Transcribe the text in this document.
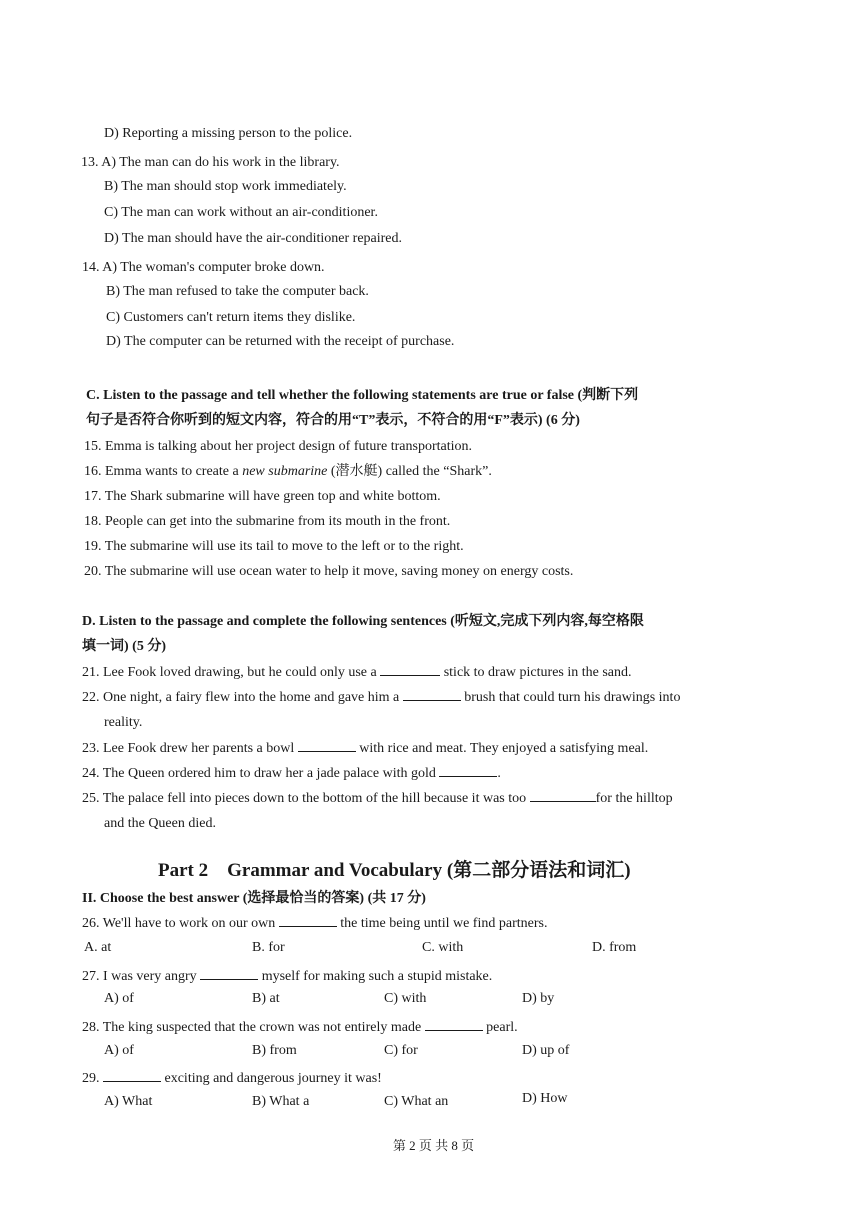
D) Reporting a missing person to the police.
13. A) The man can do his work in the library.
B) The man should stop work immediately.
C) The man can work without an air-conditioner.
D) The man should have the air-conditioner repaired.
14. A) The woman's computer broke down.
B) The man refused to take the computer back.
C) Customers can't return items they dislike.
D) The computer can be returned with the receipt of purchase.
C. Listen to the passage and tell whether the following statements are true or false (判断下列
句子是否符合你听到的短文内容，符合的用“T”表示，不符合的用“F”表示) (6 分)
15. Emma is talking about her project design of future transportation.
16. Emma wants to create a new submarine (潜水艇) called the “Shark”.
17. The Shark submarine will have green top and white bottom.
18. People can get into the submarine from its mouth in the front.
19. The submarine will use its tail to move to the left or to the right.
20. The submarine will use ocean water to help it move, saving money on energy costs.
D. Listen to the passage and complete the following sentences (听短文,完成下列内容,每空格限
填一词) (5 分)
21. Lee Fook loved drawing, but he could only use a	stick to draw pictures in the sand.
22. One night, a fairy flew into the home and gave him a	brush that could turn his drawings into
reality.
23. Lee Fook drew her parents a bowl	with rice and meat. They enjoyed a satisfying meal.
24. The Queen ordered him to draw her a jade palace with gold	.
25. The palace fell into pieces down to the bottom of the hill because it was too	for the hilltop
and the Queen died.
Part 2    Grammar and Vocabulary (第二部分语法和词汇)
II. Choose the best answer (选择最恰当的答案) (共 17 分)
26. We'll have to work on our own	the time being until we find partners.
A. at	B. for	C. with	D. from
27. I was very angry	myself for making such a stupid mistake.
A) of	B) at	C) with	D) by
28. The king suspected that the crown was not entirely made	pearl.
A) of	B) from	C) for	D) up of
29.	exciting and dangerous journey it was!
A) What	B) What a	C) What an	D) How
第 2 页 共 8 页
